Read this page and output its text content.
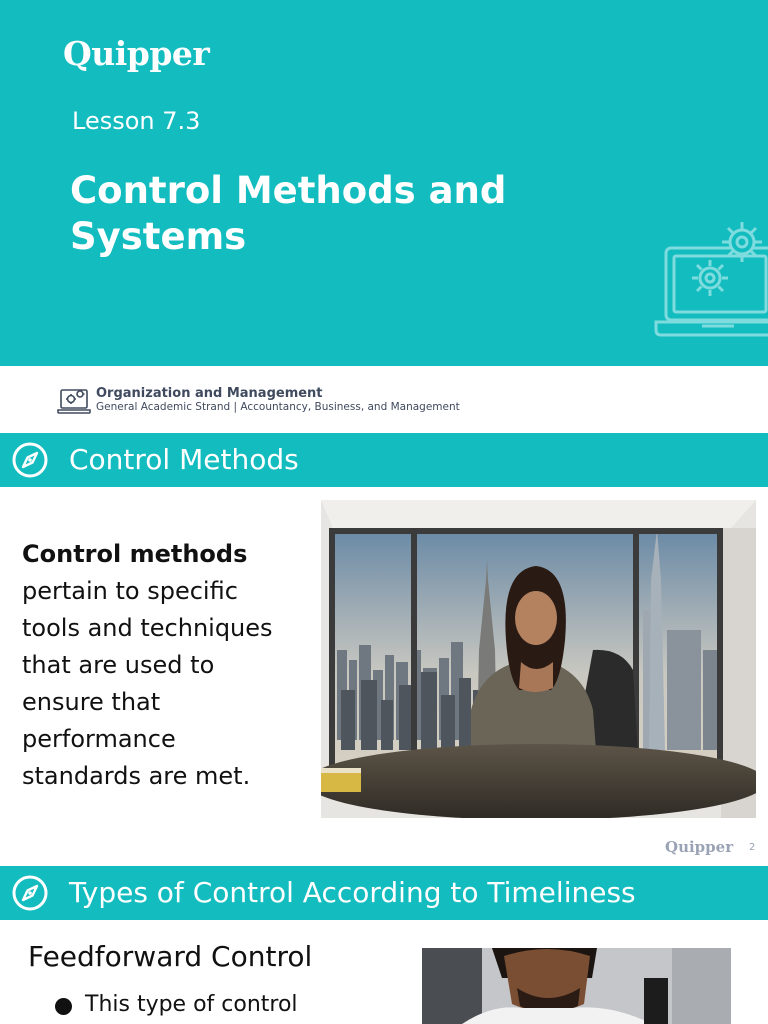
Quipper
Lesson 7.3
Control Methods and Systems
Organization and Management
General Academic Strand | Accountancy, Business, and Management
Control Methods
Control methods pertain to specific tools and techniques that are used to ensure that performance standards are met.
Quipper 2
Types of Control According to Timeliness
Feedforward Control
This type of control
